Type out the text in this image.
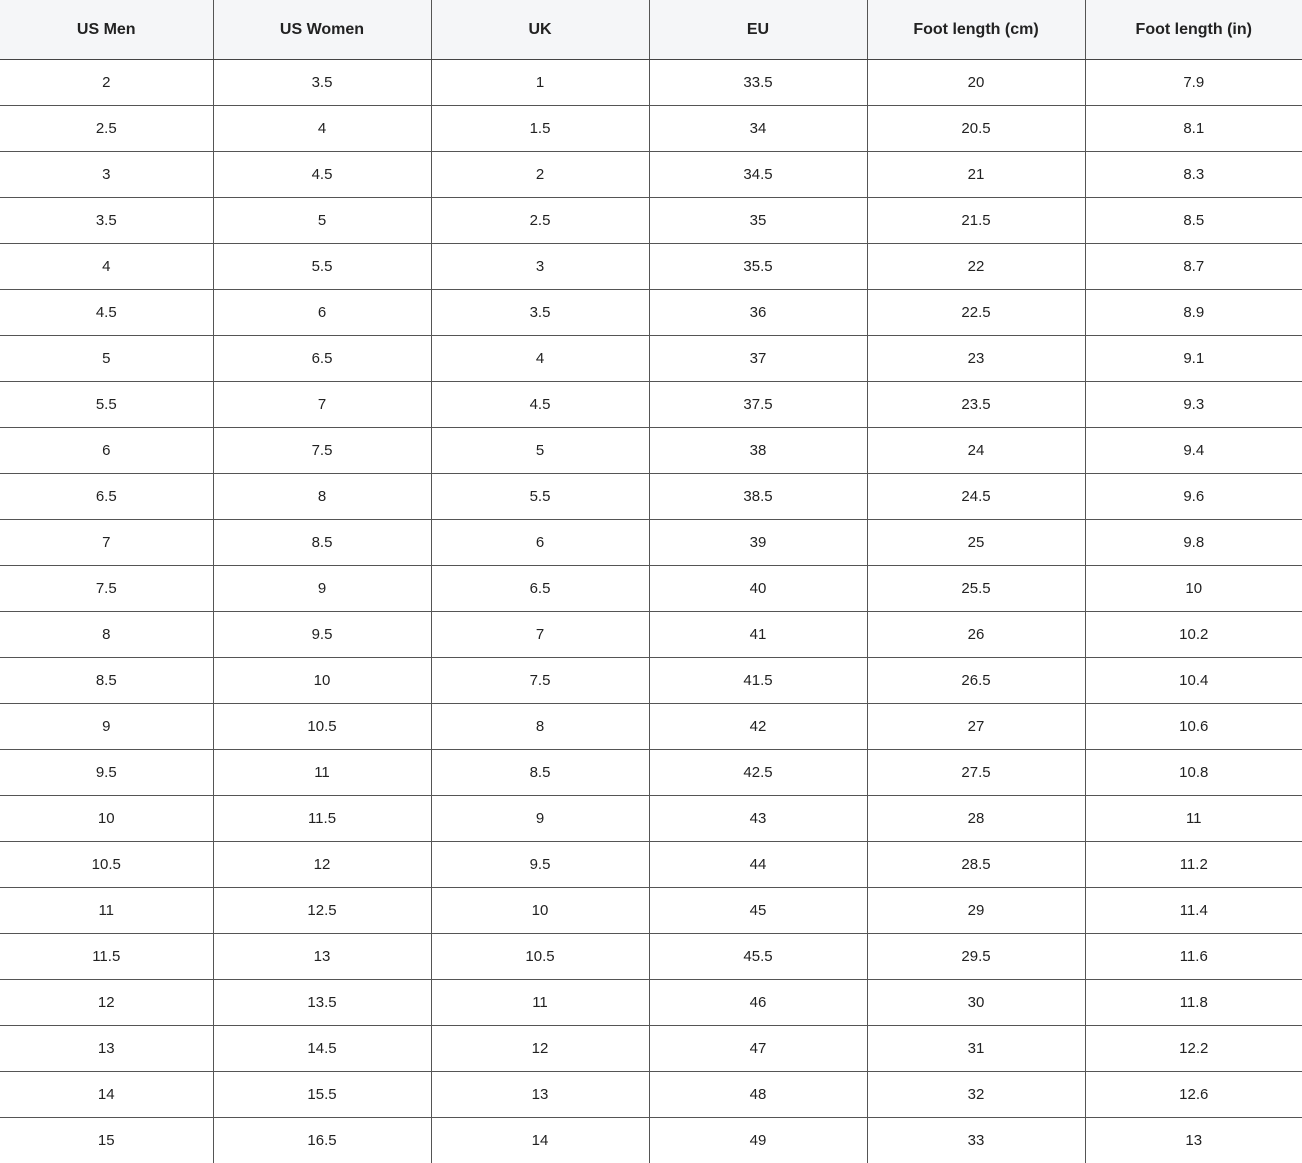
US Men	US Women	UK	EU	Foot length (cm)	Foot length (in)
2	3.5	1	33.5	20	7.9
2.5	4	1.5	34	20.5	8.1
3	4.5	2	34.5	21	8.3
3.5	5	2.5	35	21.5	8.5
4	5.5	3	35.5	22	8.7
4.5	6	3.5	36	22.5	8.9
5	6.5	4	37	23	9.1
5.5	7	4.5	37.5	23.5	9.3
6	7.5	5	38	24	9.4
6.5	8	5.5	38.5	24.5	9.6
7	8.5	6	39	25	9.8
7.5	9	6.5	40	25.5	10
8	9.5	7	41	26	10.2
8.5	10	7.5	41.5	26.5	10.4
9	10.5	8	42	27	10.6
9.5	11	8.5	42.5	27.5	10.8
10	11.5	9	43	28	11
10.5	12	9.5	44	28.5	11.2
11	12.5	10	45	29	11.4
11.5	13	10.5	45.5	29.5	11.6
12	13.5	11	46	30	11.8
13	14.5	12	47	31	12.2
14	15.5	13	48	32	12.6
15	16.5	14	49	33	13
